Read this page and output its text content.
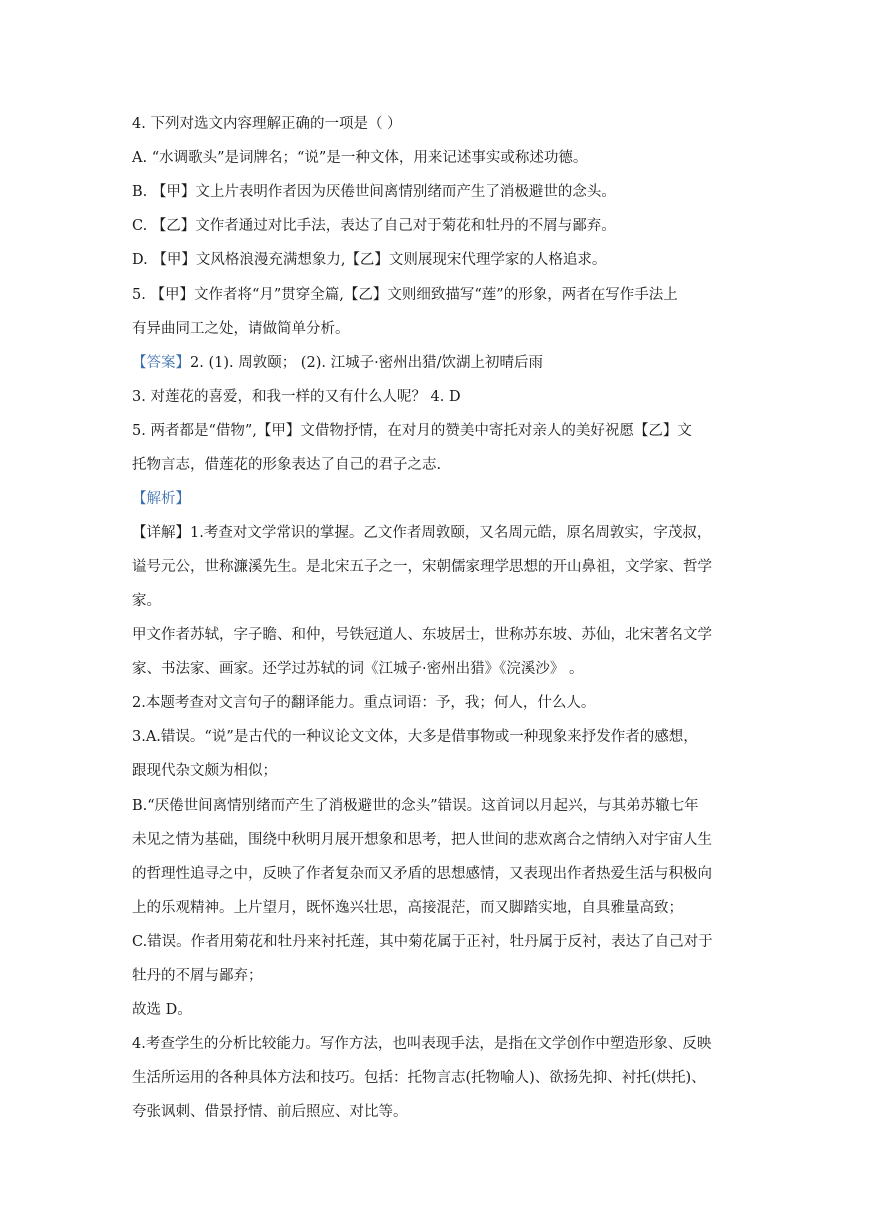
4. 下列对选文内容理解正确的一项是（ ）
A. “水调歌头”是词牌名；“说”是一种文体，用来记述事实或称述功德。
B. 【甲】文上片表明作者因为厌倦世间离情别绪而产生了消极避世的念头。
C. 【乙】文作者通过对比手法，表达了自己对于菊花和牡丹的不屑与鄙弃。
D. 【甲】文风格浪漫充满想象力,【乙】文则展现宋代理学家的人格追求。
5. 【甲】文作者将“月”贯穿全篇,【乙】文则细致描写“莲”的形象，两者在写作手法上
有异曲同工之处，请做简单分析。
【答案】2. (1). 周敦颐； (2). 江城子·密州出猎/饮湖上初晴后雨
3. 对莲花的喜爱，和我一样的又有什么人呢？ 4. D
5. 两者都是“借物”,【甲】文借物抒情，在对月的赞美中寄托对亲人的美好祝愿【乙】文
托物言志，借莲花的形象表达了自己的君子之志.
【解析】
【详解】1.考查对文学常识的掌握。乙文作者周敦颐，又名周元皓，原名周敦实，字茂叔，
谥号元公，世称濂溪先生。是北宋五子之一，宋朝儒家理学思想的开山鼻祖，文学家、哲学
家。
甲文作者苏轼，字子瞻、和仲，号铁冠道人、东坡居士，世称苏东坡、苏仙，北宋著名文学
家、书法家、画家。还学过苏轼的词《江城子·密州出猎》《浣溪沙》 。
2.本题考查对文言句子的翻译能力。重点词语：予，我；何人，什么人。
3.A.错误。“说”是古代的一种议论文文体，大多是借事物或一种现象来抒发作者的感想，
跟现代杂文颇为相似；
B.“厌倦世间离情别绪而产生了消极避世的念头”错误。这首词以月起兴，与其弟苏辙七年
未见之情为基础，围绕中秋明月展开想象和思考，把人世间的悲欢离合之情纳入对宇宙人生
的哲理性追寻之中，反映了作者复杂而又矛盾的思想感情，又表现出作者热爱生活与积极向
上的乐观精神。上片望月，既怀逸兴壮思，高接混茫，而又脚踏实地，自具雅量高致；
C.错误。作者用菊花和牡丹来衬托莲，其中菊花属于正衬，牡丹属于反衬，表达了自己对于
牡丹的不屑与鄙弃；
故选 D。
4.考查学生的分析比较能力。写作方法，也叫表现手法，是指在文学创作中塑造形象、反映
生活所运用的各种具体方法和技巧。包括：托物言志(托物喻人)、欲扬先抑、衬托(烘托)、
夸张讽刺、借景抒情、前后照应、对比等。
